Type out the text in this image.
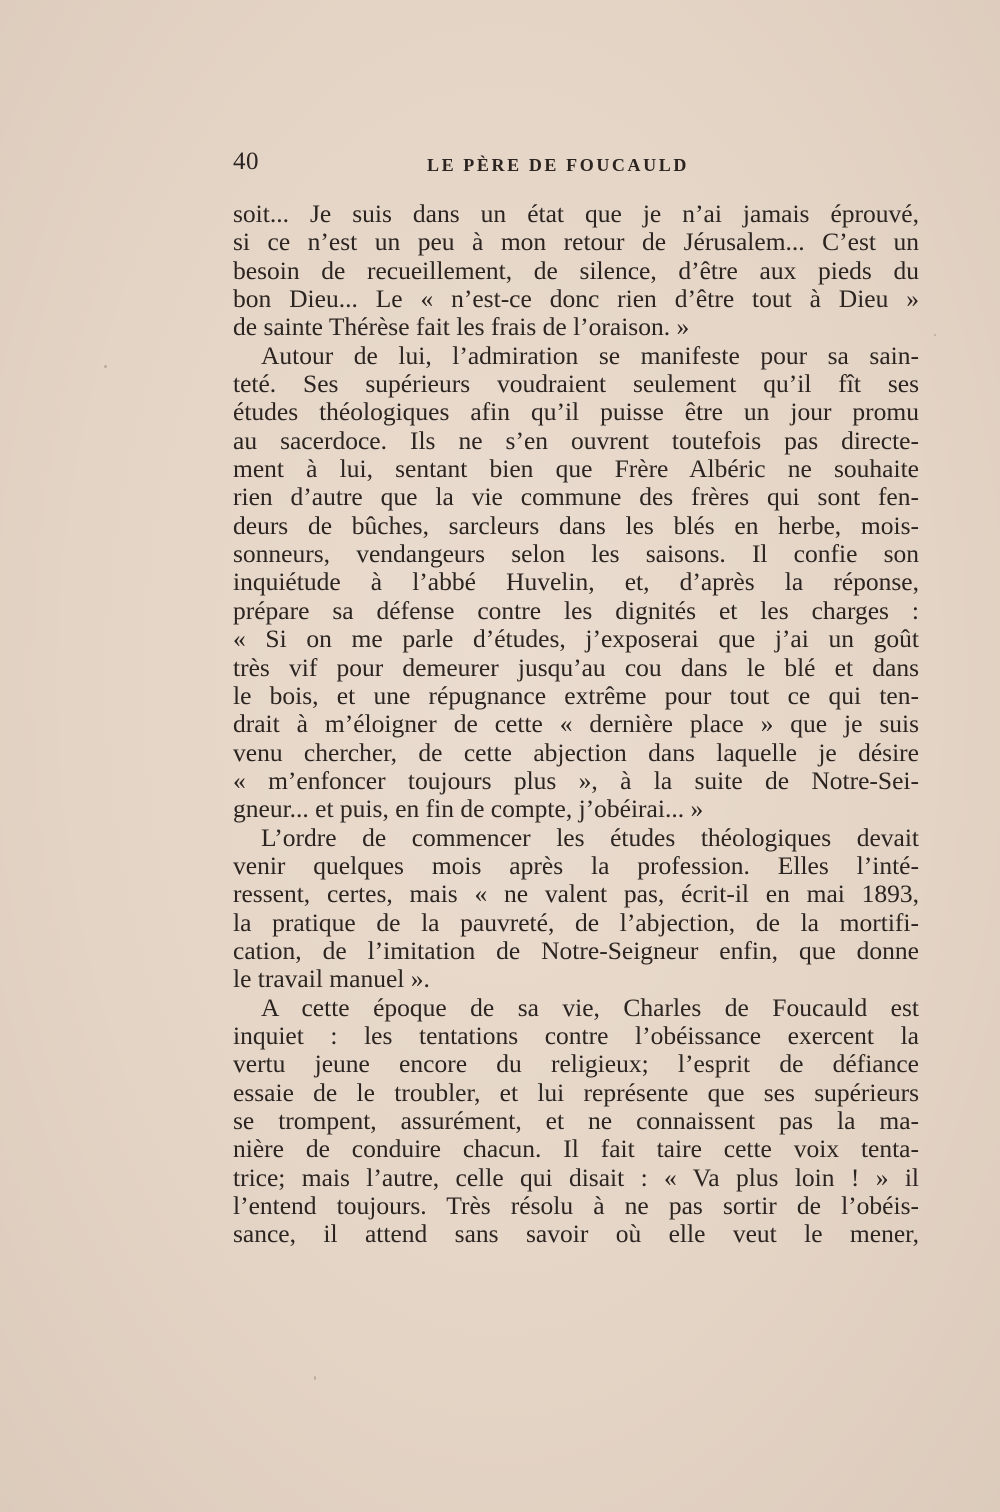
40	LE PÈRE DE FOUCAULD
soit... Je suis dans un état que je n’ai jamais éprouvé,
si ce n’est un peu à mon retour de Jérusalem... C’est un
besoin de recueillement, de silence, d’être aux pieds du
bon Dieu... Le « n’est-ce donc rien d’être tout à Dieu »
de sainte Thérèse fait les frais de l’oraison. »
Autour de lui, l’admiration se manifeste pour sa sain-
teté. Ses supérieurs voudraient seulement qu’il fît ses
études théologiques afin qu’il puisse être un jour promu
au sacerdoce. Ils ne s’en ouvrent toutefois pas directe-
ment à lui, sentant bien que Frère Albéric ne souhaite
rien d’autre que la vie commune des frères qui sont fen-
deurs de bûches, sarcleurs dans les blés en herbe, mois-
sonneurs, vendangeurs selon les saisons. Il confie son
inquiétude à l’abbé Huvelin, et, d’après la réponse,
prépare sa défense contre les dignités et les charges :
« Si on me parle d’études, j’exposerai que j’ai un goût
très vif pour demeurer jusqu’au cou dans le blé et dans
le bois, et une répugnance extrême pour tout ce qui ten-
drait à m’éloigner de cette « dernière place » que je suis
venu chercher, de cette abjection dans laquelle je désire
« m’enfoncer toujours plus », à la suite de Notre-Sei-
gneur... et puis, en fin de compte, j’obéirai... »
L’ordre de commencer les études théologiques devait
venir quelques mois après la profession. Elles l’inté-
ressent, certes, mais « ne valent pas, écrit-il en mai 1893,
la pratique de la pauvreté, de l’abjection, de la mortifi-
cation, de l’imitation de Notre-Seigneur enfin, que donne
le travail manuel ».
A cette époque de sa vie, Charles de Foucauld est
inquiet : les tentations contre l’obéissance exercent la
vertu jeune encore du religieux; l’esprit de défiance
essaie de le troubler, et lui représente que ses supérieurs
se trompent, assurément, et ne connaissent pas la ma-
nière de conduire chacun. Il fait taire cette voix tenta-
trice; mais l’autre, celle qui disait : « Va plus loin ! » il
l’entend toujours. Très résolu à ne pas sortir de l’obéis-
sance, il attend sans savoir où elle veut le mener,
